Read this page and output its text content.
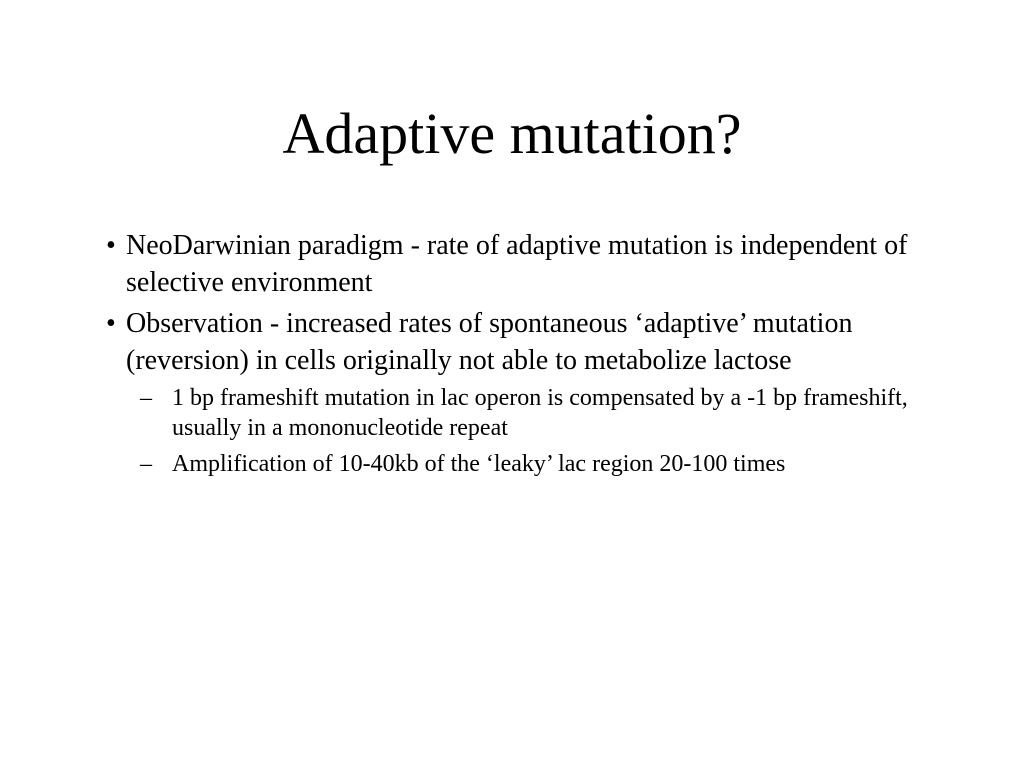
Adaptive mutation?
• NeoDarwinian paradigm - rate of adaptive mutation is independent of selective environment
• Observation - increased rates of spontaneous ‘adaptive’ mutation (reversion) in cells originally not able to metabolize lactose
– 1 bp frameshift mutation in lac operon is compensated by a -1 bp frameshift, usually in a mononucleotide repeat
– Amplification of 10-40kb of the ‘leaky’ lac region 20-100 times
